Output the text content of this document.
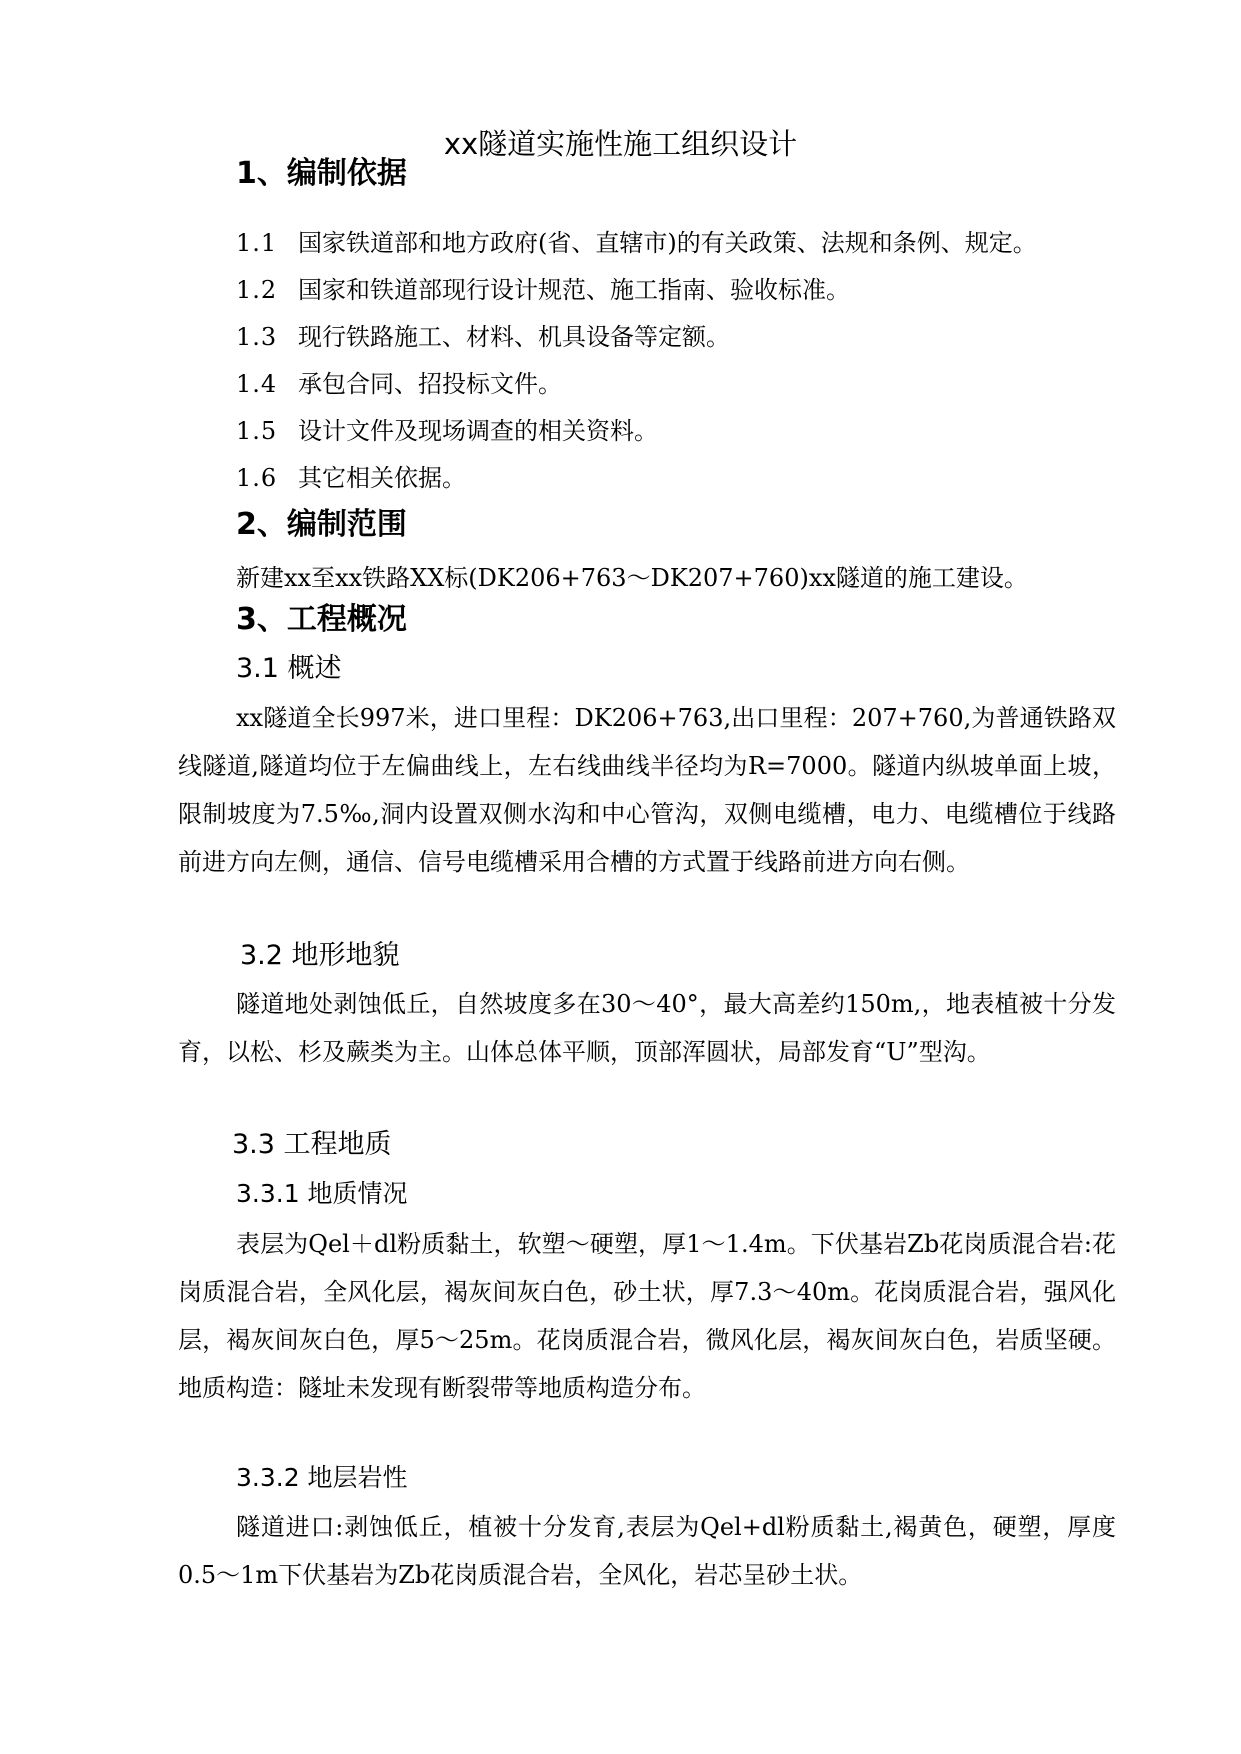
xx隧道实施性施工组织设计
1、编制依据
1.1 国家铁道部和地方政府(省、直辖市)的有关政策、法规和条例、规定。
1.2 国家和铁道部现行设计规范、施工指南、验收标准。
1.3 现行铁路施工、材料、机具设备等定额。
1.4 承包合同、招投标文件。
1.5 设计文件及现场调查的相关资料。
1.6 其它相关依据。
2、编制范围
新建xx至xx铁路XX标(DK206+763～DK207+760)xx隧道的施工建设。
3、工程概况
3.1 概述
xx隧道全长997米，进口里程：DK206+763,出口里程：207+760,为普通铁路双线隧道,隧道均位于左偏曲线上，左右线曲线半径均为R=7000。隧道内纵坡单面上坡，限制坡度为7.5‰,洞内设置双侧水沟和中心管沟，双侧电缆槽，电力、电缆槽位于线路前进方向左侧，通信、信号电缆槽采用合槽的方式置于线路前进方向右侧。
3.2 地形地貌
隧道地处剥蚀低丘，自然坡度多在30～40°，最大高差约150m,，地表植被十分发育，以松、杉及蕨类为主。山体总体平顺，顶部浑圆状，局部发育“U”型沟。
3.3 工程地质
3.3.1 地质情况
表层为Qel＋dl粉质黏土，软塑～硬塑，厚1～1.4m。下伏基岩Zb花岗质混合岩:花岗质混合岩，全风化层，褐灰间灰白色，砂土状，厚7.3～40m。花岗质混合岩，强风化层，褐灰间灰白色，厚5～25m。花岗质混合岩，微风化层，褐灰间灰白色，岩质坚硬。地质构造：隧址未发现有断裂带等地质构造分布。
3.3.2 地层岩性
隧道进口:剥蚀低丘，植被十分发育,表层为Qel+dl粉质黏土,褐黄色，硬塑，厚度0.5～1m下伏基岩为Zb花岗质混合岩，全风化，岩芯呈砂土状。
